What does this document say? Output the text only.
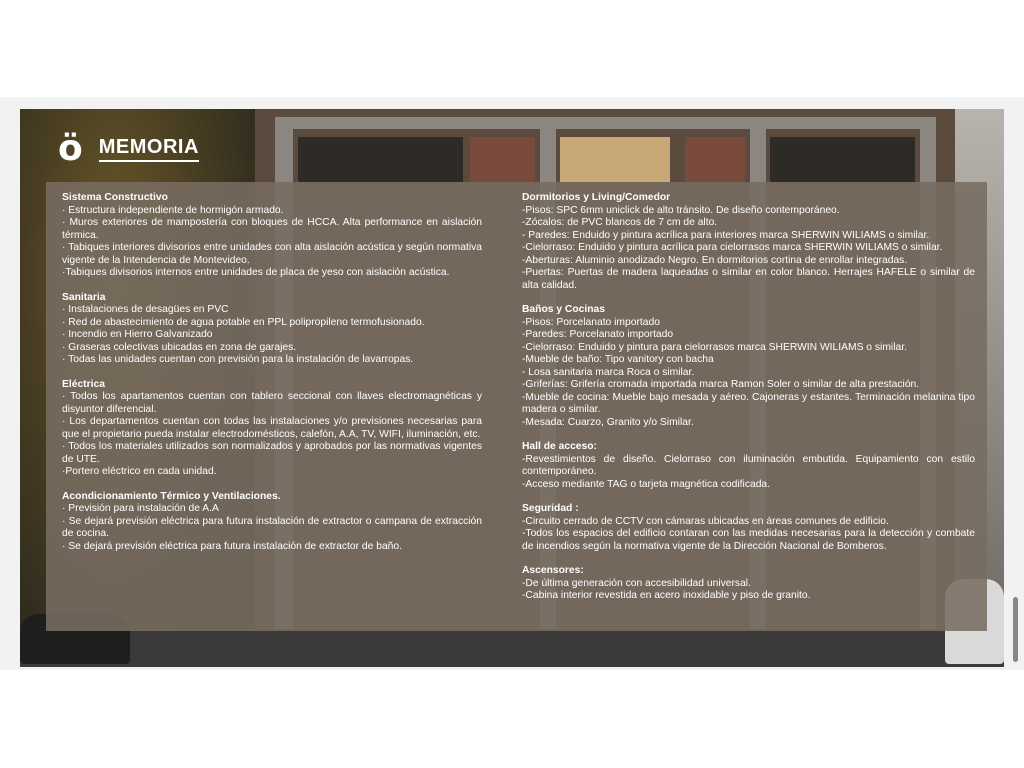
ö MEMORIA
Sistema Constructivo
· Estructura independiente de hormigón armado.
· Muros exteriores de mampostería con bloques de HCCA. Alta performance en aislación térmica.
· Tabiques interiores divisorios entre unidades con alta aislación acústica y según normativa vigente de la Intendencia de Montevideo.
·Tabiques divisorios internos entre unidades de placa de yeso con aislación acústica.
Sanitaria
· Instalaciones de desagües en PVC
· Red de abastecimiento de agua potable en PPL polipropileno termofusionado.
· Incendio en Hierro Galvanizado
· Graseras colectivas ubicadas en zona de garajes.
· Todas las unidades cuentan con previsión para la instalación de lavarropas.
Eléctrica
· Todos los apartamentos cuentan con tablero seccional con llaves electromagnéticas y disyuntor diferencial.
· Los departamentos cuentan con todas las instalaciones y/o previsiones necesarias para que el propietario pueda instalar electrodomésticos, calefón, A.A, TV, WIFI, iluminación, etc.
· Todos los materiales utilizados son normalizados y aprobados por las normativas vigentes de UTE.
·Portero eléctrico en cada unidad.
Acondicionamiento Térmico y Ventilaciones.
· Previsión para instalación de A.A
· Se dejará previsión eléctrica para futura instalación de extractor o campana de extracción de cocina.
· Se dejará previsión eléctrica para futura instalación de extractor de baño.
Dormitorios y Living/Comedor
-Pisos: SPC 6mm uniclick de alto tránsito. De diseño contemporáneo.
-Zócalos: de PVC blancos de 7 cm de alto.
- Paredes: Enduido y pintura acrílica para interiores marca SHERWIN WILIAMS o similar.
-Cielorraso: Enduido y pintura acrílica para cielorrasos marca SHERWIN WILIAMS o similar.
-Aberturas: Aluminio anodizado Negro. En dormitorios cortina de enrollar integradas.
-Puertas: Puertas de madera laqueadas o similar en color blanco. Herrajes HAFELE o similar de alta calidad.
Baños y Cocinas
-Pisos: Porcelanato importado
-Paredes: Porcelanato importado
-Cielorraso: Enduido y pintura para cielorrasos marca SHERWIN WILIAMS o similar.
-Mueble de baño: Tipo vanitory con bacha
- Losa sanitaria marca Roca o similar.
-Griferías: Grifería cromada importada marca Ramon Soler o similar de alta prestación.
-Mueble de cocina: Mueble bajo mesada y aéreo. Cajoneras y estantes. Terminación melanina tipo madera o similar.
-Mesada: Cuarzo, Granito y/o Similar.
Hall de acceso:
-Revestimientos de diseño. Cielorraso con iluminación embutida. Equipamiento con estilo contemporáneo.
-Acceso mediante TAG o tarjeta magnética codificada.
Seguridad :
-Circuito cerrado de CCTV con cámaras ubicadas en áreas comunes de edificio.
-Todos los espacios del edificio contaran con las medidas necesarias para la detección y combate de incendios según la normativa vigente de la Dirección Nacional de Bomberos.
Ascensores:
-De última generación con accesibilidad universal.
-Cabina interior revestida en acero inoxidable y piso de granito.
